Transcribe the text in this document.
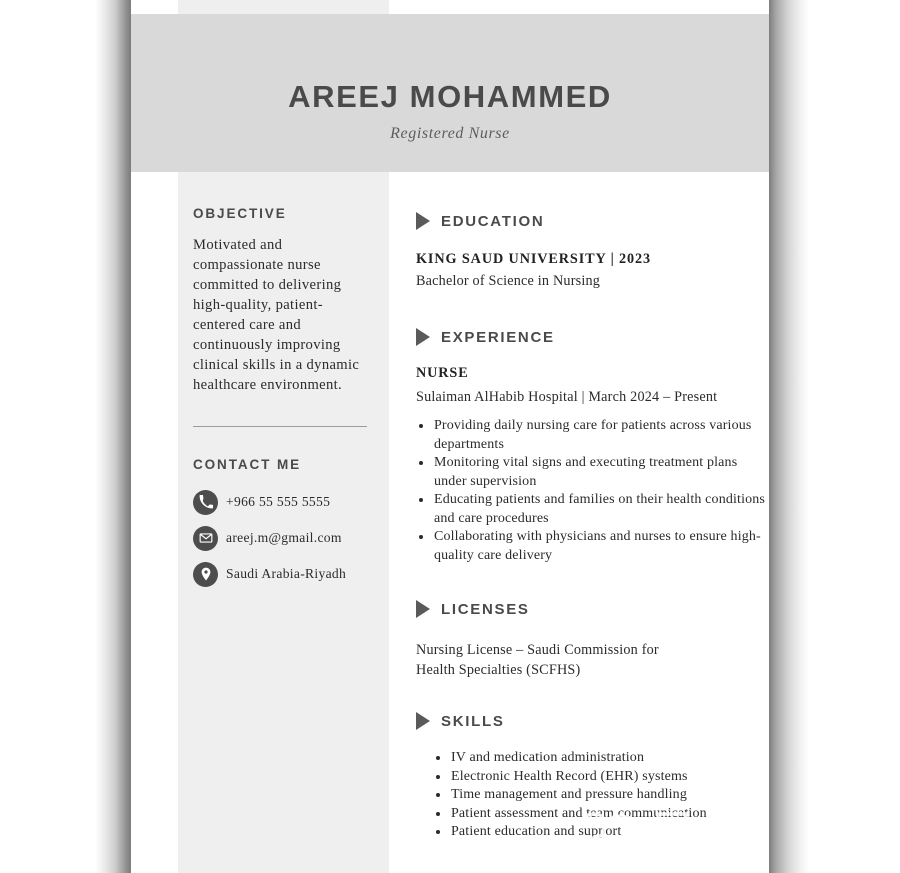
AREEJ MOHAMMED

Registered Nurse

OBJECTIVE

Motivated and compassionate nurse committed to delivering high-quality, patient-centered care and continuously improving clinical skills in a dynamic healthcare environment.

CONTACT ME
+966 55 555 5555
areej.m@gmail.com
Saudi Arabia-Riyadh
EDUCATION

KING SAUD UNIVERSITY | 2023

Bachelor of Science in Nursing

EXPERIENCE

NURSE

Sulaiman AlHabib Hospital | March 2024 – Present

Providing daily nursing care for patients across various departments
Monitoring vital signs and executing treatment plans under supervision
Educating patients and families on their health conditions and care procedures
Collaborating with physicians and nurses to ensure high-quality care delivery
LICENSES

Nursing License – Saudi Commission for Health Specialties (SCFHS)

SKILLS
IV and medication administration
Electronic Health Record (EHR) systems
Time management and pressure handling
Patient assessment and team communication
Patient education and support
